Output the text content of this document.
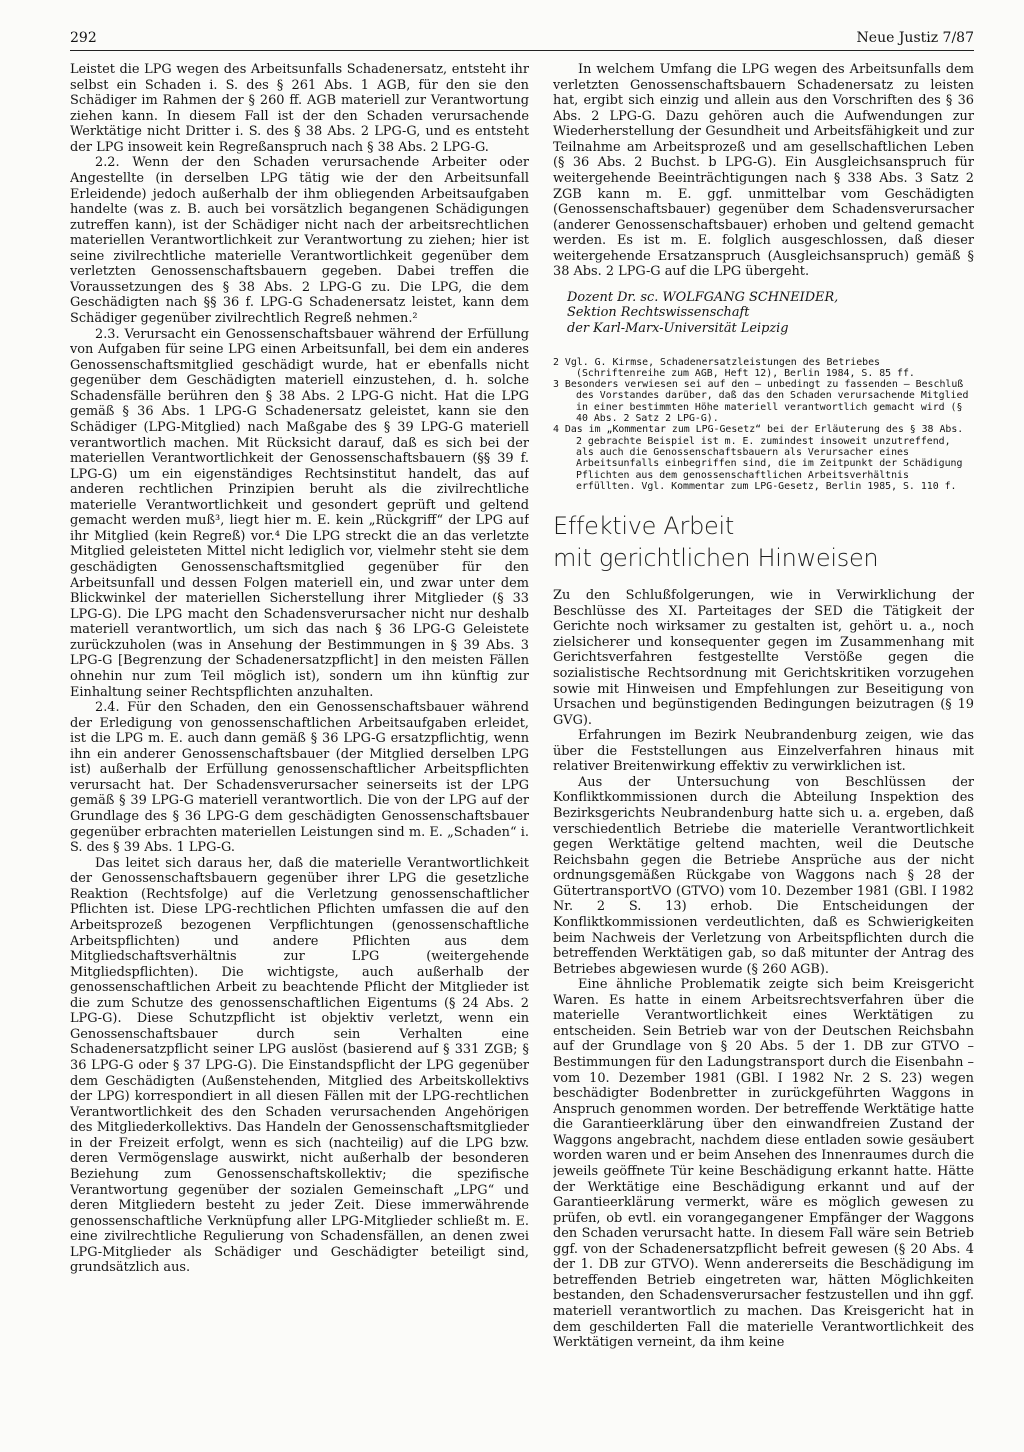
292	Neue Justiz 7/87

Leistet die LPG wegen des Arbeitsunfalls Schadenersatz, entsteht ihr selbst ein Schaden i. S. des § 261 Abs. 1 AGB, für den sie den Schädiger im Rahmen der § 260 ff. AGB materiell zur Verantwortung ziehen kann. In diesem Fall ist der den Schaden verursachende Werktätige nicht Dritter i. S. des § 38 Abs. 2 LPG-G, und es entsteht der LPG insoweit kein Regreßanspruch nach § 38 Abs. 2 LPG-G.

2.2. Wenn der den Schaden verursachende Arbeiter oder Angestellte (in derselben LPG tätig wie der den Arbeitsunfall Erleidende) jedoch außerhalb der ihm obliegenden Arbeitsaufgaben handelte (was z. B. auch bei vorsätzlich begangenen Schädigungen zutreffen kann), ist der Schädiger nicht nach der arbeitsrechtlichen materiellen Verantwortlichkeit zur Verantwortung zu ziehen; hier ist seine zivilrechtliche materielle Verantwortlichkeit gegenüber dem verletzten Genossenschaftsbauern gegeben. Dabei treffen die Voraussetzungen des § 38 Abs. 2 LPG-G zu. Die LPG, die dem Geschädigten nach §§ 36 f. LPG-G Schadenersatz leistet, kann dem Schädiger gegenüber zivilrechtlich Regreß nehmen.²

2.3. Verursacht ein Genossenschaftsbauer während der Erfüllung von Aufgaben für seine LPG einen Arbeitsunfall, bei dem ein anderes Genossenschaftsmitglied geschädigt wurde, hat er ebenfalls nicht gegenüber dem Geschädigten materiell einzustehen, d. h. solche Schadensfälle berühren den § 38 Abs. 2 LPG-G nicht. Hat die LPG gemäß § 36 Abs. 1 LPG-G Schadenersatz geleistet, kann sie den Schädiger (LPG-Mitglied) nach Maßgabe des § 39 LPG-G materiell verantwortlich machen. Mit Rücksicht darauf, daß es sich bei der materiellen Verantwortlichkeit der Genossenschaftsbauern (§§ 39 f. LPG-G) um ein eigenständiges Rechtsinstitut handelt, das auf anderen rechtlichen Prinzipien beruht als die zivilrechtliche materielle Verantwortlichkeit und gesondert geprüft und geltend gemacht werden muß³, liegt hier m. E. kein „Rückgriff“ der LPG auf ihr Mitglied (kein Regreß) vor.⁴ Die LPG streckt die an das verletzte Mitglied geleisteten Mittel nicht lediglich vor, vielmehr steht sie dem geschädigten Genossenschaftsmitglied gegenüber für den Arbeitsunfall und dessen Folgen materiell ein, und zwar unter dem Blickwinkel der materiellen Sicherstellung ihrer Mitglieder (§ 33 LPG-G). Die LPG macht den Schadensverursacher nicht nur deshalb materiell verantwortlich, um sich das nach § 36 LPG-G Geleistete zurückzuholen (was in Ansehung der Bestimmungen in § 39 Abs. 3 LPG-G [Begrenzung der Schadenersatzpflicht] in den meisten Fällen ohnehin nur zum Teil möglich ist), sondern um ihn künftig zur Einhaltung seiner Rechtspflichten anzuhalten.

2.4. Für den Schaden, den ein Genossenschaftsbauer während der Erledigung von genossenschaftlichen Arbeitsaufgaben erleidet, ist die LPG m. E. auch dann gemäß § 36 LPG-G ersatzpflichtig, wenn ihn ein anderer Genossenschaftsbauer (der Mitglied derselben LPG ist) außerhalb der Erfüllung genossenschaftlicher Arbeitspflichten verursacht hat. Der Schadensverursacher seinerseits ist der LPG gemäß § 39 LPG-G materiell verantwortlich. Die von der LPG auf der Grundlage des § 36 LPG-G dem geschädigten Genossenschaftsbauer gegenüber erbrachten materiellen Leistungen sind m. E. „Schaden“ i. S. des § 39 Abs. 1 LPG-G.

Das leitet sich daraus her, daß die materielle Verantwortlichkeit der Genossenschaftsbauern gegenüber ihrer LPG die gesetzliche Reaktion (Rechtsfolge) auf die Verletzung genossenschaftlicher Pflichten ist. Diese LPG-rechtlichen Pflichten umfassen die auf den Arbeitsprozeß bezogenen Verpflichtungen (genossenschaftliche Arbeitspflichten) und andere Pflichten aus dem Mitgliedschaftsverhältnis zur LPG (weitergehende Mitgliedspflichten). Die wichtigste, auch außerhalb der genossenschaftlichen Arbeit zu beachtende Pflicht der Mitglieder ist die zum Schutze des genossenschaftlichen Eigentums (§ 24 Abs. 2 LPG-G). Diese Schutzpflicht ist objektiv verletzt, wenn ein Genossenschaftsbauer durch sein Verhalten eine Schadenersatzpflicht seiner LPG auslöst (basierend auf § 331 ZGB; § 36 LPG-G oder § 37 LPG-G). Die Einstandspflicht der LPG gegenüber dem Geschädigten (Außenstehenden, Mitglied des Arbeitskollektivs der LPG) korrespondiert in all diesen Fällen mit der LPG-rechtlichen Verantwortlichkeit des den Schaden verursachenden Angehörigen des Mitgliederkollektivs. Das Handeln der Genossenschaftsmitglieder in der Freizeit erfolgt, wenn es sich (nachteilig) auf die LPG bzw. deren Vermögenslage auswirkt, nicht außerhalb der besonderen Beziehung zum Genossenschaftskollektiv; die spezifische Verantwortung gegenüber der sozialen Gemeinschaft „LPG“ und deren Mitgliedern besteht zu jeder Zeit. Diese immerwährende genossenschaftliche Verknüpfung aller LPG-Mitglieder schließt m. E. eine zivilrechtliche Regulierung von Schadensfällen, an denen zwei LPG-Mitglieder als Schädiger und Geschädigter beteiligt sind, grundsätzlich aus.

In welchem Umfang die LPG wegen des Arbeitsunfalls dem verletzten Genossenschaftsbauern Schadenersatz zu leisten hat, ergibt sich einzig und allein aus den Vorschriften des § 36 Abs. 2 LPG-G. Dazu gehören auch die Aufwendungen zur Wiederherstellung der Gesundheit und Arbeitsfähigkeit und zur Teilnahme am Arbeitsprozeß und am gesellschaftlichen Leben (§ 36 Abs. 2 Buchst. b LPG-G). Ein Ausgleichsanspruch für weitergehende Beeinträchtigungen nach § 338 Abs. 3 Satz 2 ZGB kann m. E. ggf. unmittelbar vom Geschädigten (Genossenschaftsbauer) gegenüber dem Schadensverursacher (anderer Genossenschaftsbauer) erhoben und geltend gemacht werden. Es ist m. E. folglich ausgeschlossen, daß dieser weitergehende Ersatzanspruch (Ausgleichsanspruch) gemäß § 38 Abs. 2 LPG-G auf die LPG übergeht.

Dozent Dr. sc. WOLFGANG SCHNEIDER,
Sektion Rechtswissenschaft
der Karl-Marx-Universität Leipzig

2 Vgl. G. Kirmse, Schadenersatzleistungen des Betriebes (Schriftenreihe zum AGB, Heft 12), Berlin 1984, S. 85 ff.

3 Besonders verwiesen sei auf den – unbedingt zu fassenden – Beschluß des Vorstandes darüber, daß das den Schaden verursachende Mitglied in einer bestimmten Höhe materiell verantwortlich gemacht wird (§ 40 Abs. 2 Satz 2 LPG-G).

4 Das im „Kommentar zum LPG-Gesetz“ bei der Erläuterung des § 38 Abs. 2 gebrachte Beispiel ist m. E. zumindest insoweit unzutreffend, als auch die Genossenschaftsbauern als Verursacher eines Arbeitsunfalls einbegriffen sind, die im Zeitpunkt der Schädigung Pflichten aus dem genossenschaftlichen Arbeitsverhältnis erfüllten. Vgl. Kommentar zum LPG-Gesetz, Berlin 1985, S. 110 f.

Effektive Arbeit
mit gerichtlichen Hinweisen

Zu den Schlußfolgerungen, wie in Verwirklichung der Beschlüsse des XI. Parteitages der SED die Tätigkeit der Gerichte noch wirksamer zu gestalten ist, gehört u. a., noch zielsicherer und konsequenter gegen im Zusammenhang mit Gerichtsverfahren festgestellte Verstöße gegen die sozialistische Rechtsordnung mit Gerichtskritiken vorzugehen sowie mit Hinweisen und Empfehlungen zur Beseitigung von Ursachen und begünstigenden Bedingungen beizutragen (§ 19 GVG).

Erfahrungen im Bezirk Neubrandenburg zeigen, wie das über die Feststellungen aus Einzelverfahren hinaus mit relativer Breitenwirkung effektiv zu verwirklichen ist.

Aus der Untersuchung von Beschlüssen der Konfliktkommissionen durch die Abteilung Inspektion des Bezirksgerichts Neubrandenburg hatte sich u. a. ergeben, daß verschiedentlich Betriebe die materielle Verantwortlichkeit gegen Werktätige geltend machten, weil die Deutsche Reichsbahn gegen die Betriebe Ansprüche aus der nicht ordnungsgemäßen Rückgabe von Waggons nach § 28 der GütertransportVO (GTVO) vom 10. Dezember 1981 (GBl. I 1982 Nr. 2 S. 13) erhob. Die Entscheidungen der Konfliktkommissionen verdeutlichten, daß es Schwierigkeiten beim Nachweis der Verletzung von Arbeitspflichten durch die betreffenden Werktätigen gab, so daß mitunter der Antrag des Betriebes abgewiesen wurde (§ 260 AGB).

Eine ähnliche Problematik zeigte sich beim Kreisgericht Waren. Es hatte in einem Arbeitsrechtsverfahren über die materielle Verantwortlichkeit eines Werktätigen zu entscheiden. Sein Betrieb war von der Deutschen Reichsbahn auf der Grundlage von § 20 Abs. 5 der 1. DB zur GTVO – Bestimmungen für den Ladungstransport durch die Eisenbahn – vom 10. Dezember 1981 (GBl. I 1982 Nr. 2 S. 23) wegen beschädigter Bodenbretter in zurückgeführten Waggons in Anspruch genommen worden. Der betreffende Werktätige hatte die Garantieerklärung über den einwandfreien Zustand der Waggons angebracht, nachdem diese entladen sowie gesäubert worden waren und er beim Ansehen des Innenraumes durch die jeweils geöffnete Tür keine Beschädigung erkannt hatte. Hätte der Werktätige eine Beschädigung erkannt und auf der Garantieerklärung vermerkt, wäre es möglich gewesen zu prüfen, ob evtl. ein vorangegangener Empfänger der Waggons den Schaden verursacht hatte. In diesem Fall wäre sein Betrieb ggf. von der Schadenersatzpflicht befreit gewesen (§ 20 Abs. 4 der 1. DB zur GTVO). Wenn andererseits die Beschädigung im betreffenden Betrieb eingetreten war, hätten Möglichkeiten bestanden, den Schadensverursacher festzustellen und ihn ggf. materiell verantwortlich zu machen. Das Kreisgericht hat in dem geschilderten Fall die materielle Verantwortlichkeit des Werktätigen verneint, da ihm keine
